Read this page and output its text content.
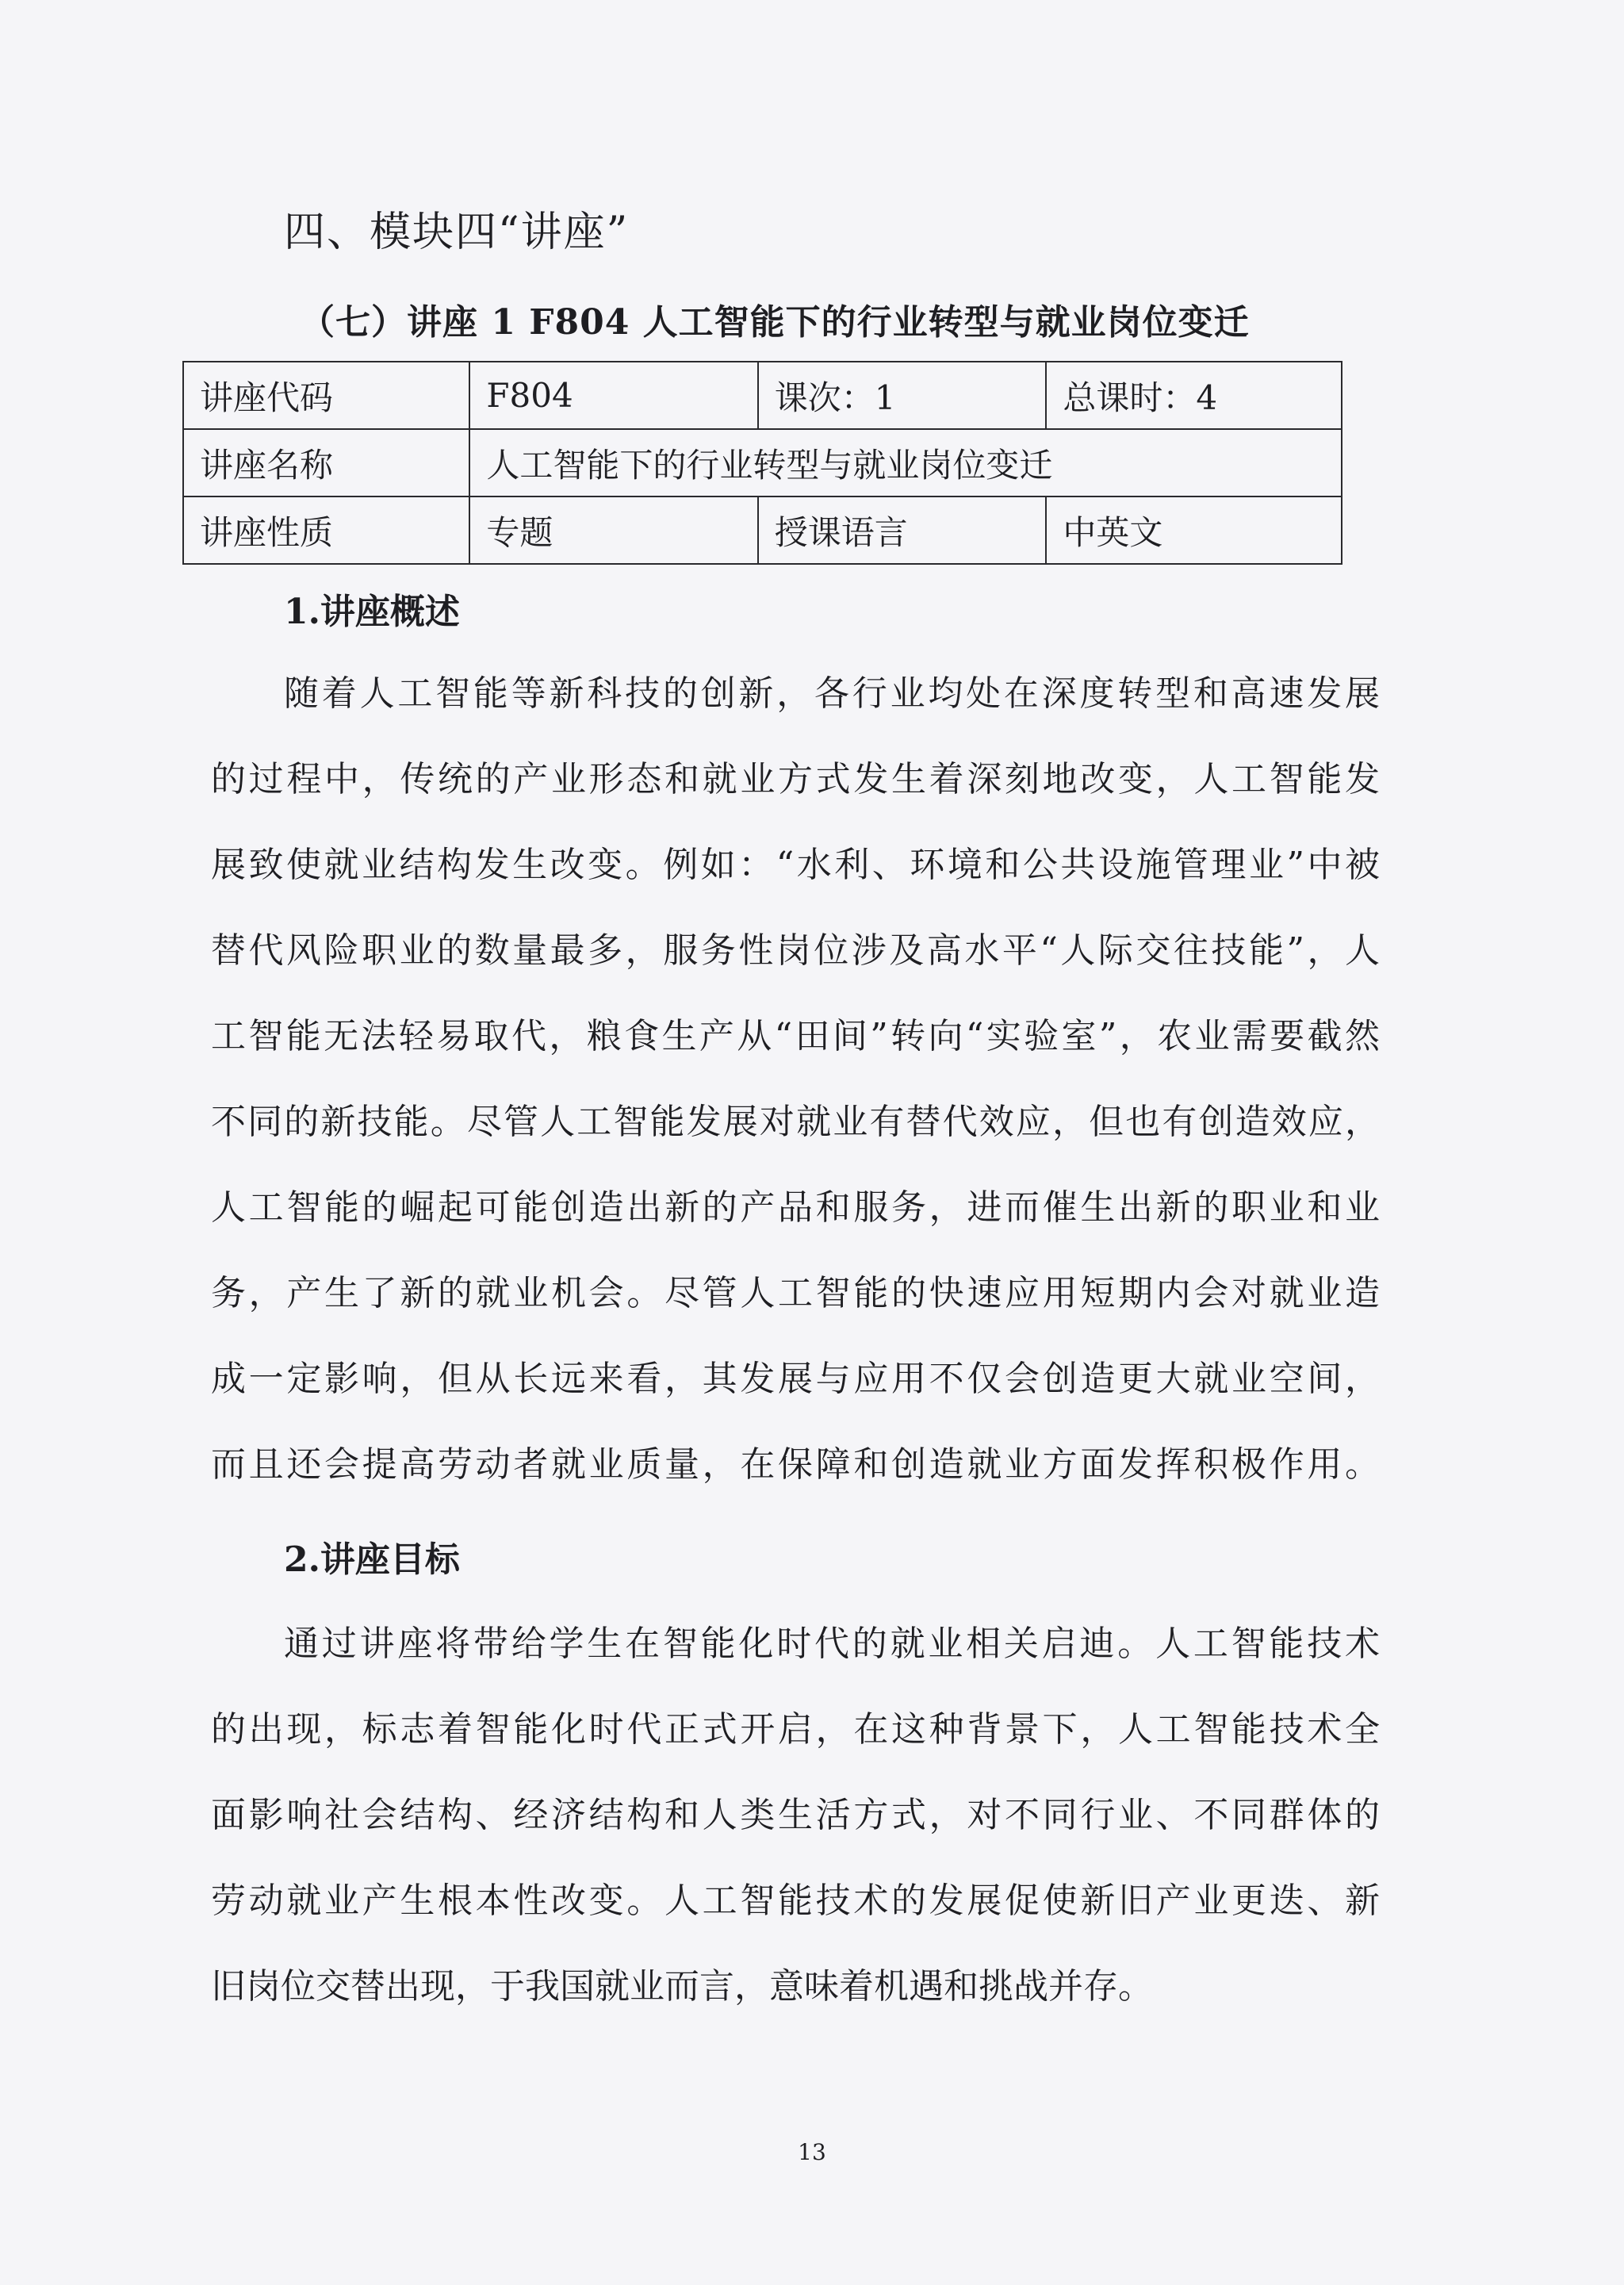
四、模块四“讲座”
（七）讲座 1 F804 人工智能下的行业转型与就业岗位变迁
讲座代码	F804	课次：1	总课时：4
讲座名称	人工智能下的行业转型与就业岗位变迁		
讲座性质	专题	授课语言	中英文
1.讲座概述
随着人工智能等新科技的创新，各行业均处在深度转型和高速发展
的过程中，传统的产业形态和就业方式发生着深刻地改变，人工智能发
展致使就业结构发生改变。例如：“水利、环境和公共设施管理业”中被
替代风险职业的数量最多，服务性岗位涉及高水平“人际交往技能”，人
工智能无法轻易取代，粮食生产从“田间”转向“实验室”，农业需要截然
不同的新技能。尽管人工智能发展对就业有替代效应，但也有创造效应，
人工智能的崛起可能创造出新的产品和服务，进而催生出新的职业和业
务，产生了新的就业机会。尽管人工智能的快速应用短期内会对就业造
成一定影响，但从长远来看，其发展与应用不仅会创造更大就业空间，
而且还会提高劳动者就业质量，在保障和创造就业方面发挥积极作用。
2.讲座目标
通过讲座将带给学生在智能化时代的就业相关启迪。人工智能技术
的出现，标志着智能化时代正式开启，在这种背景下，人工智能技术全
面影响社会结构、经济结构和人类生活方式，对不同行业、不同群体的
劳动就业产生根本性改变。人工智能技术的发展促使新旧产业更迭、新
旧岗位交替出现，于我国就业而言，意味着机遇和挑战并存。
13
